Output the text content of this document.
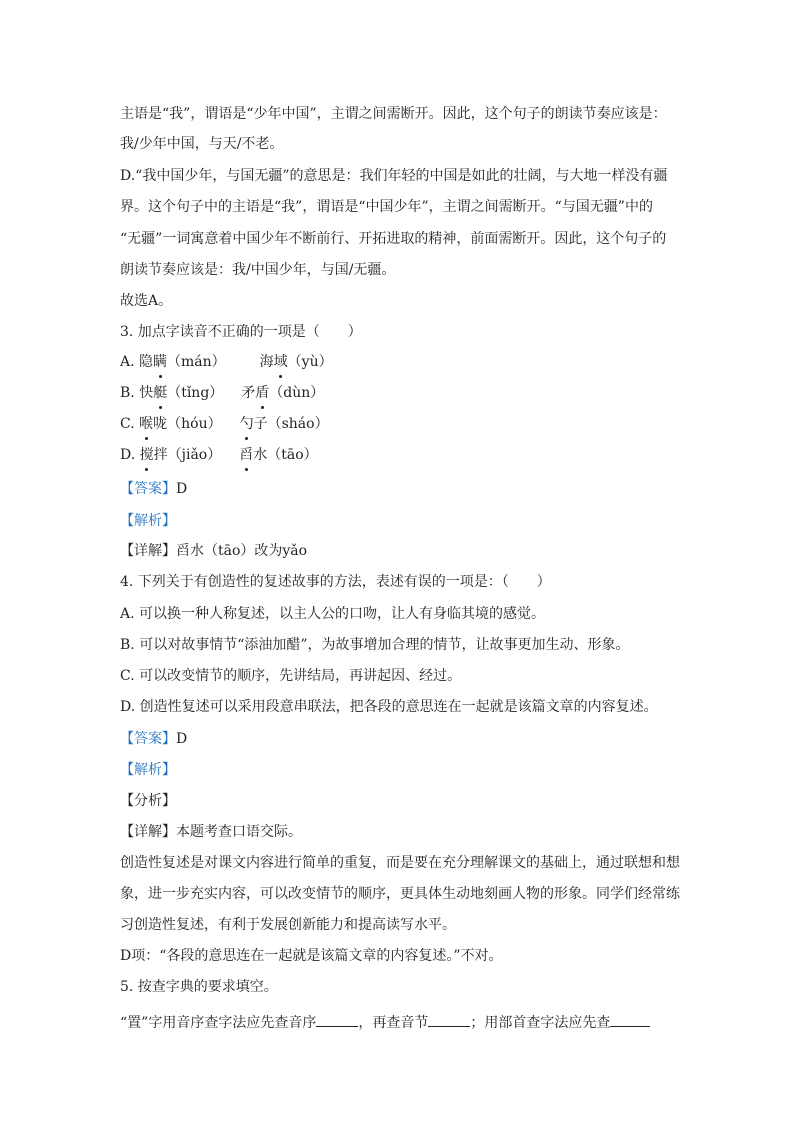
主语是“我”，谓语是“少年中国”，主谓之间需断开。因此，这个句子的朗读节奏应该是：
我/少年中国，与天/不老。
D.“我中国少年，与国无疆”的意思是：我们年轻的中国是如此的壮阔，与大地一样没有疆
界。这个句子中的主语是“我”，谓语是“中国少年”，主谓之间需断开。“与国无疆”中的
“无疆”一词寓意着中国少年不断前行、开拓进取的精神，前面需断开。因此，这个句子的
朗读节奏应该是：我/中国少年，与国/无疆。
故选A。
3. 加点字读音不正确的一项是（　　）
A. 隐瞒（mán） 海域（yù）
B. 快艇（tǐng） 矛盾（dùn）
C. 喉咙（hóu） 勺子（sháo）
D. 搅拌（jiǎo） 舀水（tāo）
【答案】D
【解析】
【详解】舀水（tāo）改为yǎo
4. 下列关于有创造性的复述故事的方法，表述有误的一项是：（　　）
A. 可以换一种人称复述，以主人公的口吻，让人有身临其境的感觉。
B. 可以对故事情节“添油加醋”，为故事增加合理的情节，让故事更加生动、形象。
C. 可以改变情节的顺序，先讲结局，再讲起因、经过。
D. 创造性复述可以采用段意串联法，把各段的意思连在一起就是该篇文章的内容复述。
【答案】D
【解析】
【分析】
【详解】本题考查口语交际。
创造性复述是对课文内容进行简单的重复，而是要在充分理解课文的基础上，通过联想和想
象，进一步充实内容，可以改变情节的顺序，更具体生动地刻画人物的形象。同学们经常练
习创造性复述，有利于发展创新能力和提高读写水平。
D项：“各段的意思连在一起就是该篇文章的内容复述。”不对。
5. 按查字典的要求填空。
“置”字用音序查字法应先查音序	，再查音节	；用部首查字法应先查
